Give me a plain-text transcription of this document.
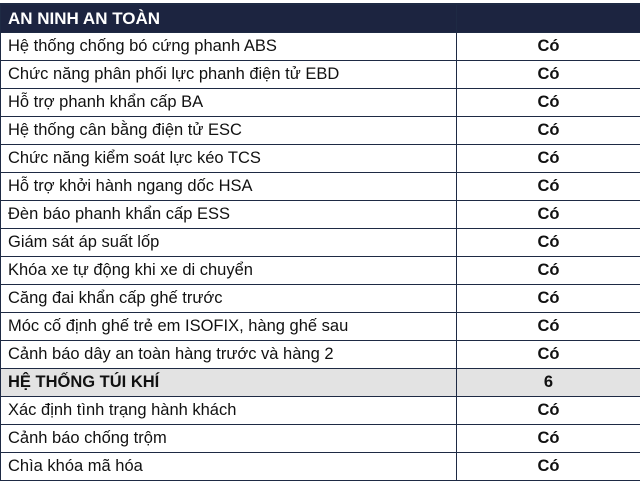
AN NINH AN TOÀN	
Hệ thống chống bó cứng phanh ABS	Có
Chức năng phân phối lực phanh điện tử EBD	Có
Hỗ trợ phanh khẩn cấp BA	Có
Hệ thống cân bằng điện tử ESC	Có
Chức năng kiểm soát lực kéo TCS	Có
Hỗ trợ khởi hành ngang dốc HSA	Có
Đèn báo phanh khẩn cấp ESS	Có
Giám sát áp suất lốp	Có
Khóa xe tự động khi xe di chuyển	Có
Căng đai khẩn cấp ghế trước	Có
Móc cố định ghế trẻ em ISOFIX, hàng ghế sau	Có
Cảnh báo dây an toàn hàng trước và hàng 2	Có
HỆ THỐNG TÚI KHÍ	6
Xác định tình trạng hành khách	Có
Cảnh báo chống trộm	Có
Chìa khóa mã hóa	Có
